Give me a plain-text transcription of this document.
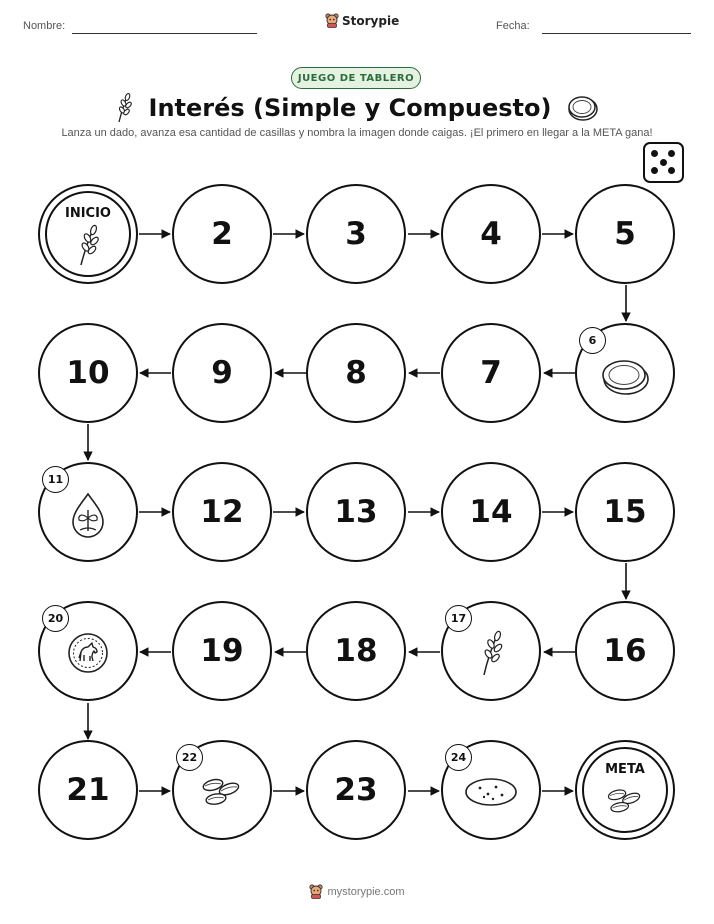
Nombre:	Storypie	Fecha:
JUEGO DE TABLERO
Interés (Simple y Compuesto)
Lanza un dado, avanza esa cantidad de casillas y nombra la imagen donde caigas. ¡El primero en llegar a la META gana!
INICIO
2	3	4	5
10	9	8	7
6
11
12	13	14	15
20
19	18
17
16
21
22
23
24
META
mystorypie.com
